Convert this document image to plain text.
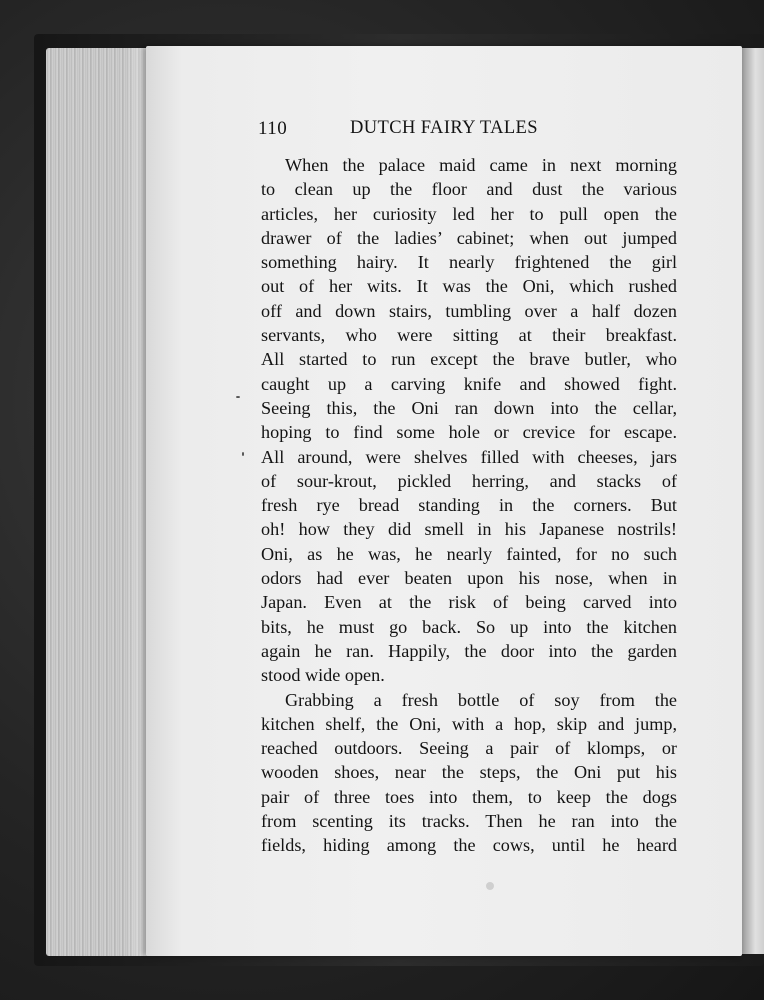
110	DUTCH FAIRY TALES
When the palace maid came in next morning
to clean up the floor and dust the various
articles, her curiosity led her to pull open the
drawer of the ladies’ cabinet; when out jumped
something hairy. It nearly frightened the girl
out of her wits. It was the Oni, which rushed
off and down stairs, tumbling over a half dozen
servants, who were sitting at their breakfast.
All started to run except the brave butler, who
caught up a carving knife and showed fight.
Seeing this, the Oni ran down into the cellar,
hoping to find some hole or crevice for escape.
All around, were shelves filled with cheeses, jars
of sour-krout, pickled herring, and stacks of
fresh rye bread standing in the corners. But
oh! how they did smell in his Japanese nostrils!
Oni, as he was, he nearly fainted, for no such
odors had ever beaten upon his nose, when in
Japan. Even at the risk of being carved into
bits, he must go back. So up into the kitchen
again he ran. Happily, the door into the garden
stood wide open.
Grabbing a fresh bottle of soy from the
kitchen shelf, the Oni, with a hop, skip and jump,
reached outdoors. Seeing a pair of klomps, or
wooden shoes, near the steps, the Oni put his
pair of three toes into them, to keep the dogs
from scenting its tracks. Then he ran into the
fields, hiding among the cows, until he heard
